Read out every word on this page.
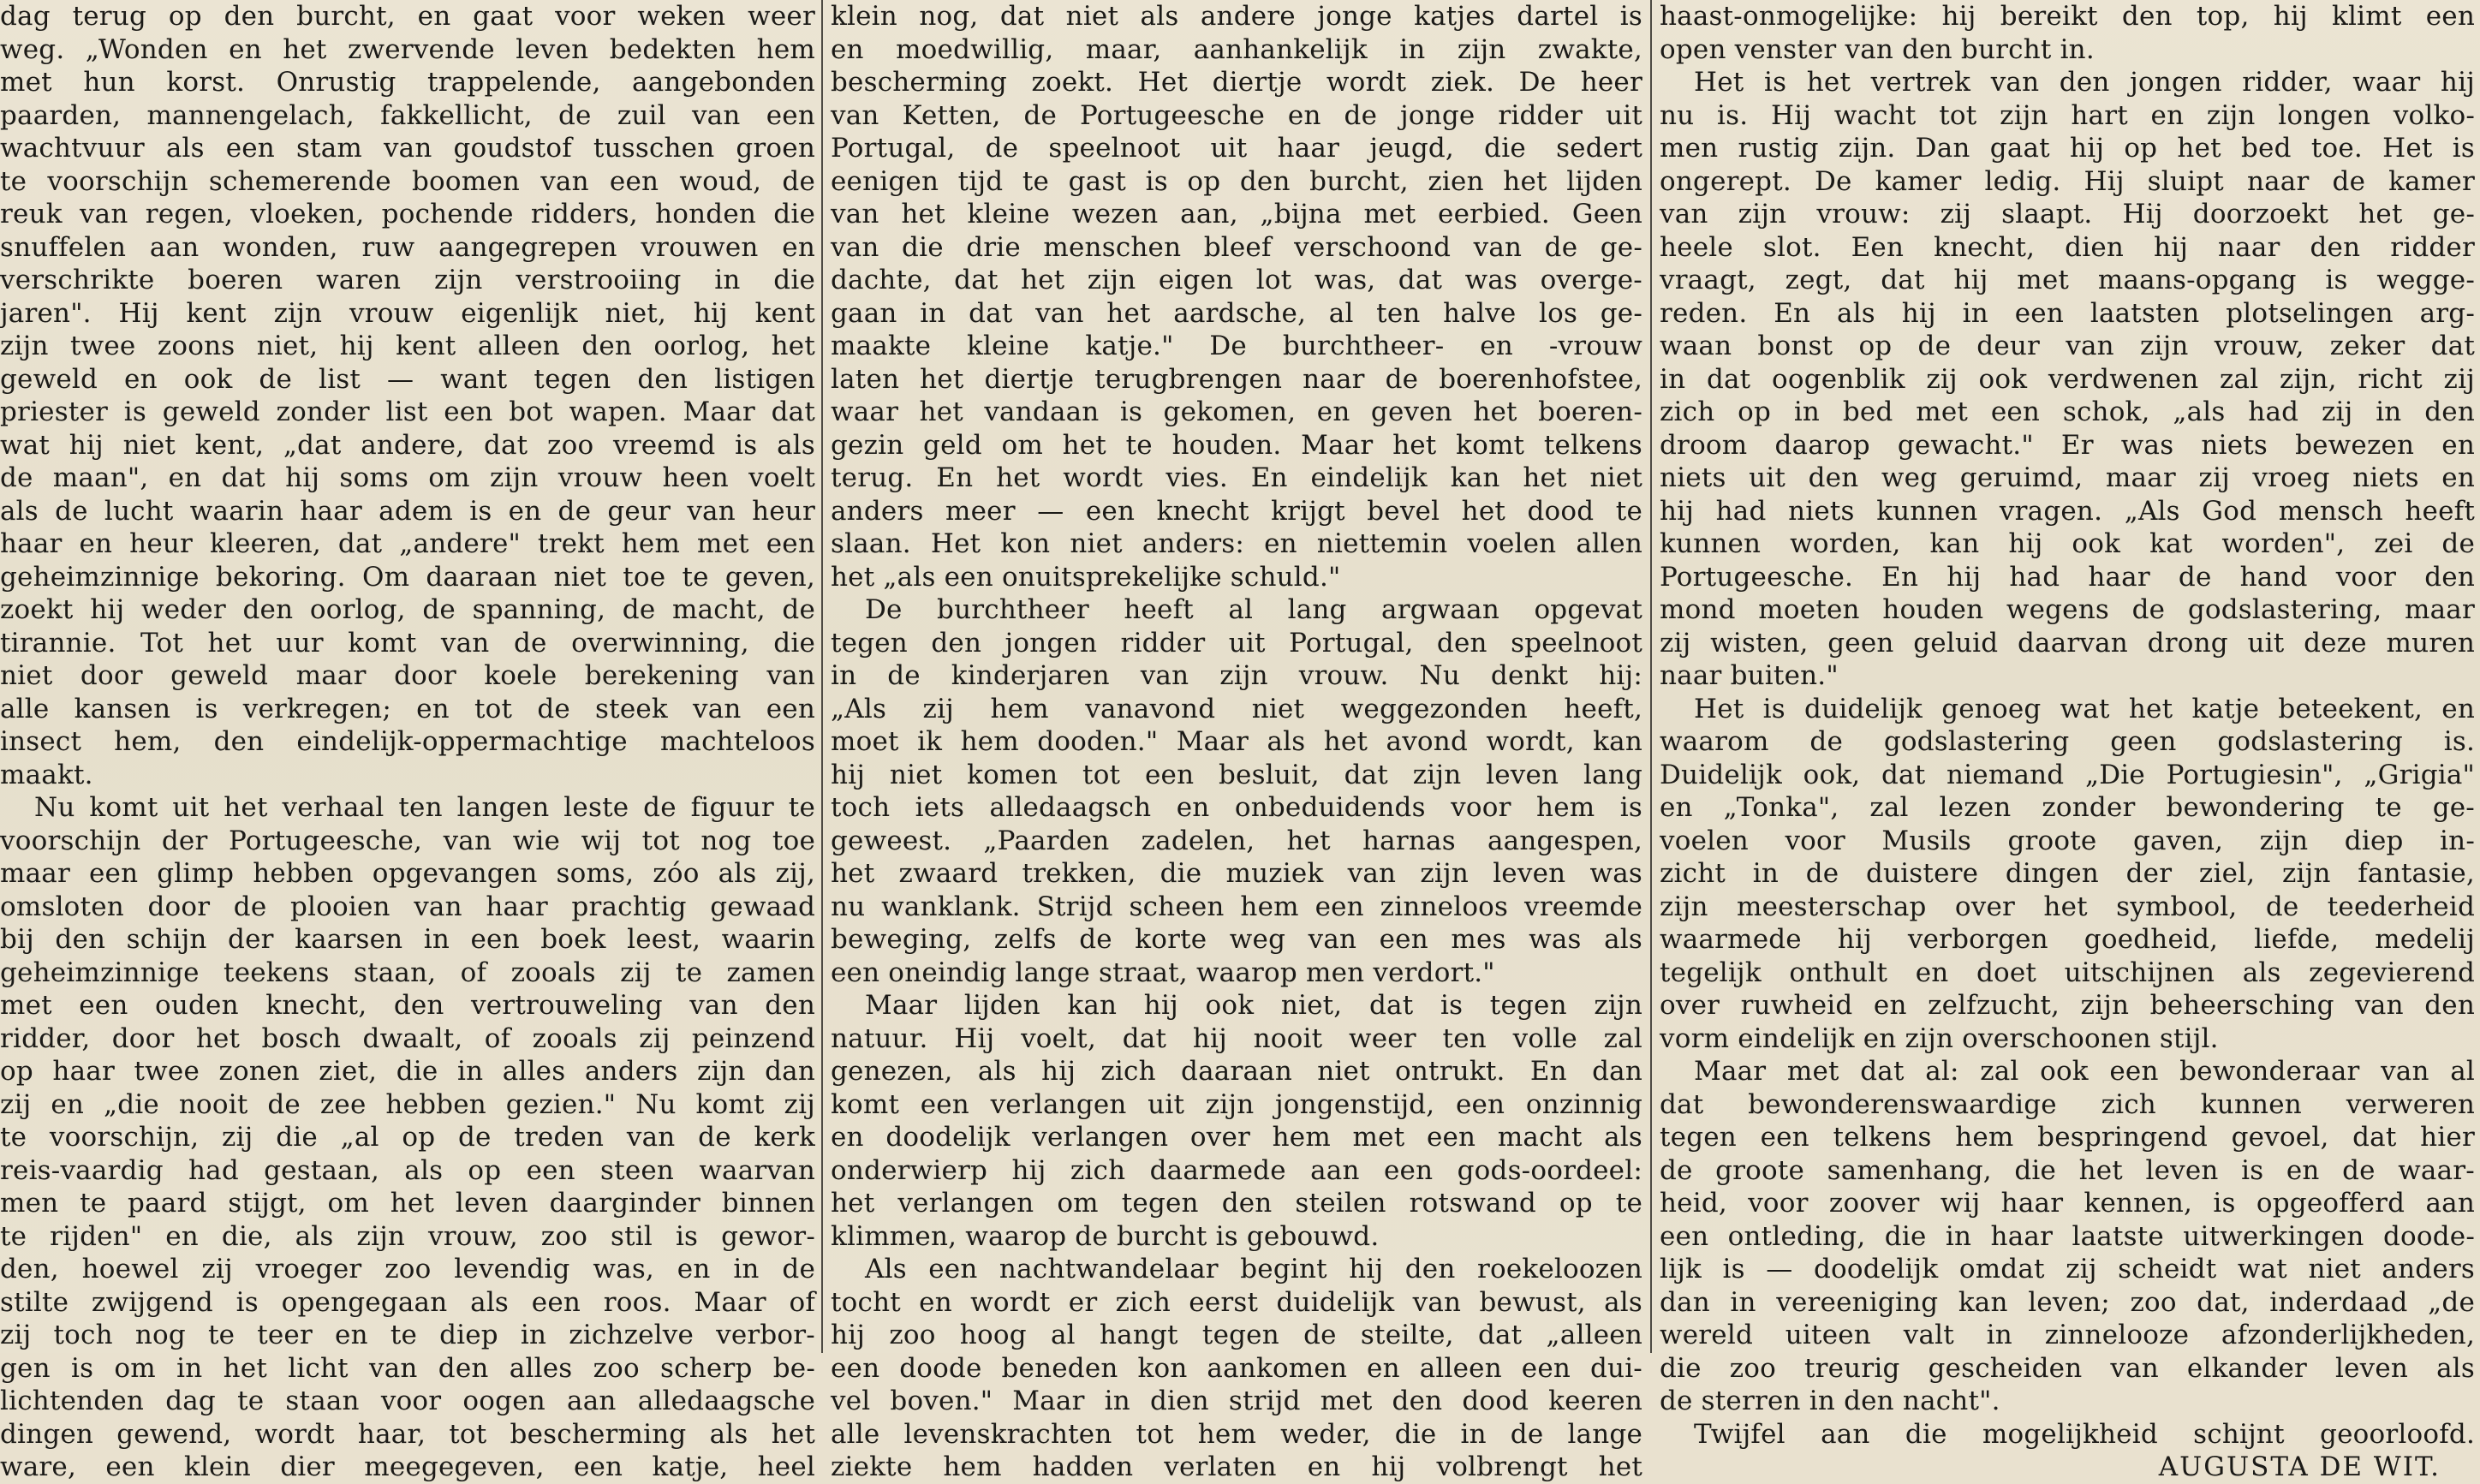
dag terug op den burcht, en gaat voor weken weer
weg. „Wonden en het zwervende leven bedekten hem
met hun korst. Onrustig trappelende, aangebonden
paarden, mannengelach, fakkellicht, de zuil van een
wachtvuur als een stam van goudstof tusschen groen
te voorschijn schemerende boomen van een woud, de
reuk van regen, vloeken, pochende ridders, honden die
snuffelen aan wonden, ruw aangegrepen vrouwen en
verschrikte boeren waren zijn verstrooiing in die
jaren". Hij kent zijn vrouw eigenlijk niet, hij kent
zijn twee zoons niet, hij kent alleen den oorlog, het
geweld en ook de list — want tegen den listigen
priester is geweld zonder list een bot wapen. Maar dat
wat hij niet kent, „dat andere, dat zoo vreemd is als
de maan", en dat hij soms om zijn vrouw heen voelt
als de lucht waarin haar adem is en de geur van heur
haar en heur kleeren, dat „andere" trekt hem met een
geheimzinnige bekoring. Om daaraan niet toe te geven,
zoekt hij weder den oorlog, de spanning, de macht, de
tirannie. Tot het uur komt van de overwinning, die
niet door geweld maar door koele berekening van
alle kansen is verkregen; en tot de steek van een
insect hem, den eindelijk-oppermachtige machteloos
maakt.
Nu komt uit het verhaal ten langen leste de figuur te
voorschijn der Portugeesche, van wie wij tot nog toe
maar een glimp hebben opgevangen soms, zóo als zij,
omsloten door de plooien van haar prachtig gewaad
bij den schijn der kaarsen in een boek leest, waarin
geheimzinnige teekens staan, of zooals zij te zamen
met een ouden knecht, den vertrouweling van den
ridder, door het bosch dwaalt, of zooals zij peinzend
op haar twee zonen ziet, die in alles anders zijn dan
zij en „die nooit de zee hebben gezien." Nu komt zij
te voorschijn, zij die „al op de treden van de kerk
reis-vaardig had gestaan, als op een steen waarvan
men te paard stijgt, om het leven daarginder binnen
te rijden" en die, als zijn vrouw, zoo stil is gewor-
den, hoewel zij vroeger zoo levendig was, en in de
stilte zwijgend is opengegaan als een roos. Maar of
zij toch nog te teer en te diep in zichzelve verbor-
gen is om in het licht van den alles zoo scherp be-
lichtenden dag te staan voor oogen aan alledaagsche
dingen gewend, wordt haar, tot bescherming als het
ware, een klein dier meegegeven, een katje, heel
klein nog, dat niet als andere jonge katjes dartel is
en moedwillig, maar, aanhankelijk in zijn zwakte,
bescherming zoekt. Het diertje wordt ziek. De heer
van Ketten, de Portugeesche en de jonge ridder uit
Portugal, de speelnoot uit haar jeugd, die sedert
eenigen tijd te gast is op den burcht, zien het lijden
van het kleine wezen aan, „bijna met eerbied. Geen
van die drie menschen bleef verschoond van de ge-
dachte, dat het zijn eigen lot was, dat was overge-
gaan in dat van het aardsche, al ten halve los ge-
maakte kleine katje." De burchtheer- en -vrouw
laten het diertje terugbrengen naar de boerenhofstee,
waar het vandaan is gekomen, en geven het boeren-
gezin geld om het te houden. Maar het komt telkens
terug. En het wordt vies. En eindelijk kan het niet
anders meer — een knecht krijgt bevel het dood te
slaan. Het kon niet anders: en niettemin voelen allen
het „als een onuitsprekelijke schuld."
De burchtheer heeft al lang argwaan opgevat
tegen den jongen ridder uit Portugal, den speelnoot
in de kinderjaren van zijn vrouw. Nu denkt hij:
„Als zij hem vanavond niet weggezonden heeft,
moet ik hem dooden." Maar als het avond wordt, kan
hij niet komen tot een besluit, dat zijn leven lang
toch iets alledaagsch en onbeduidends voor hem is
geweest. „Paarden zadelen, het harnas aangespen,
het zwaard trekken, die muziek van zijn leven was
nu wanklank. Strijd scheen hem een zinneloos vreemde
beweging, zelfs de korte weg van een mes was als
een oneindig lange straat, waarop men verdort."
Maar lijden kan hij ook niet, dat is tegen zijn
natuur. Hij voelt, dat hij nooit weer ten volle zal
genezen, als hij zich daaraan niet ontrukt. En dan
komt een verlangen uit zijn jongenstijd, een onzinnig
en doodelijk verlangen over hem met een macht als
onderwierp hij zich daarmede aan een gods-oordeel:
het verlangen om tegen den steilen rotswand op te
klimmen, waarop de burcht is gebouwd.
Als een nachtwandelaar begint hij den roekeloozen
tocht en wordt er zich eerst duidelijk van bewust, als
hij zoo hoog al hangt tegen de steilte, dat „alleen
een doode beneden kon aankomen en alleen een dui-
vel boven." Maar in dien strijd met den dood keeren
alle levenskrachten tot hem weder, die in de lange
ziekte hem hadden verlaten en hij volbrengt het
haast-onmogelijke: hij bereikt den top, hij klimt een
open venster van den burcht in.
Het is het vertrek van den jongen ridder, waar hij
nu is. Hij wacht tot zijn hart en zijn longen volko-
men rustig zijn. Dan gaat hij op het bed toe. Het is
ongerept. De kamer ledig. Hij sluipt naar de kamer
van zijn vrouw: zij slaapt. Hij doorzoekt het ge-
heele slot. Een knecht, dien hij naar den ridder
vraagt, zegt, dat hij met maans-opgang is wegge-
reden. En als hij in een laatsten plotselingen arg-
waan bonst op de deur van zijn vrouw, zeker dat
in dat oogenblik zij ook verdwenen zal zijn, richt zij
zich op in bed met een schok, „als had zij in den
droom daarop gewacht." Er was niets bewezen en
niets uit den weg geruimd, maar zij vroeg niets en
hij had niets kunnen vragen. „Als God mensch heeft
kunnen worden, kan hij ook kat worden", zei de
Portugeesche. En hij had haar de hand voor den
mond moeten houden wegens de godslastering, maar
zij wisten, geen geluid daarvan drong uit deze muren
naar buiten."
Het is duidelijk genoeg wat het katje beteekent, en
waarom de godslastering geen godslastering is.
Duidelijk ook, dat niemand „Die Portugiesin", „Grigia"
en „Tonka", zal lezen zonder bewondering te ge-
voelen voor Musils groote gaven, zijn diep in-
zicht in de duistere dingen der ziel, zijn fantasie,
zijn meesterschap over het symbool, de teederheid
waarmede hij verborgen goedheid, liefde, medelij
tegelijk onthult en doet uitschijnen als zegevierend
over ruwheid en zelfzucht, zijn beheersching van den
vorm eindelijk en zijn overschoonen stijl.
Maar met dat al: zal ook een bewonderaar van al
dat bewonderenswaardige zich kunnen verweren
tegen een telkens hem bespringend gevoel, dat hier
de groote samenhang, die het leven is en de waar-
heid, voor zoover wij haar kennen, is opgeofferd aan
een ontleding, die in haar laatste uitwerkingen doode-
lijk is — doodelijk omdat zij scheidt wat niet anders
dan in vereeniging kan leven; zoo dat, inderdaad „de
wereld uiteen valt in zinnelooze afzonderlijkheden,
die zoo treurig gescheiden van elkander leven als
de sterren in den nacht".
Twijfel aan die mogelijkheid schijnt geoorloofd.
AUGUSTA DE WIT.
